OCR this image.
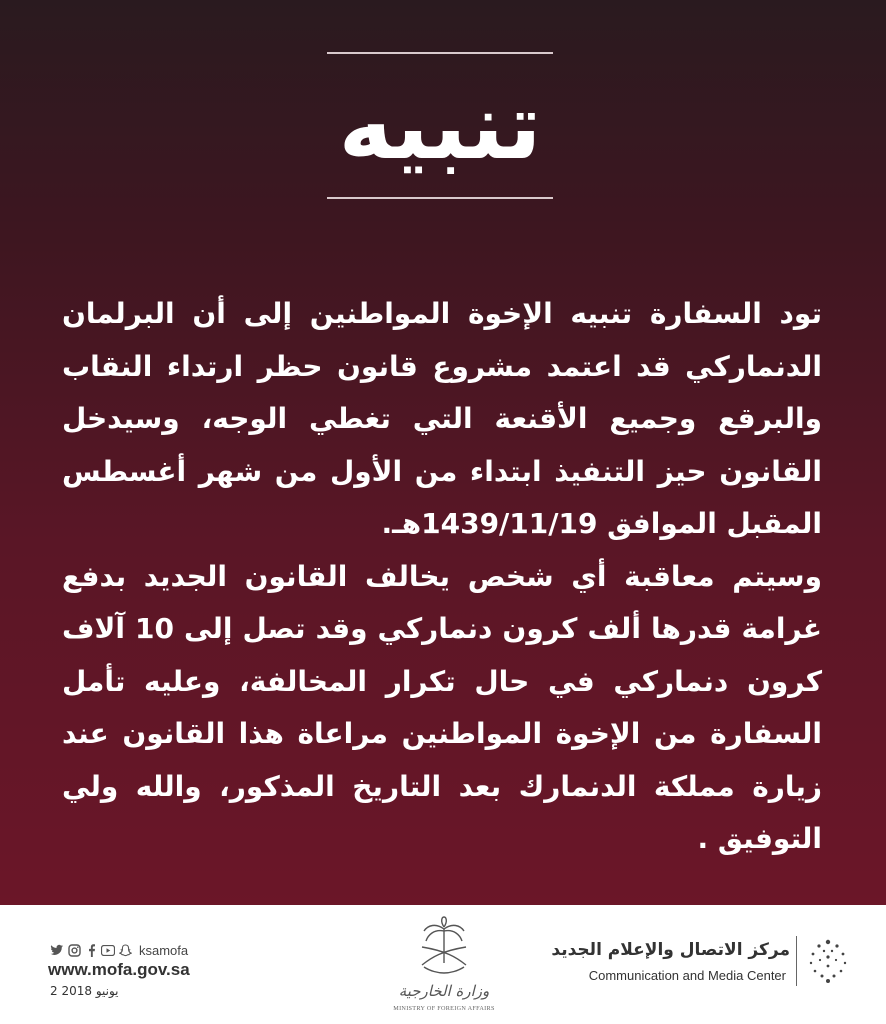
تنبيه

تود السفارة تنبيه الإخوة المواطنين إلى أن البرلمان الدنماركي قد اعتمد مشروع قانون حظر ارتداء النقاب والبرقع وجميع الأقنعة التي تغطي الوجه، وسيدخل القانون حيز التنفيذ ابتداء من الأول من شهر أغسطس المقبل الموافق 1439/11/19هـ.

وسيتم معاقبة أي شخص يخالف القانون الجديد بدفع غرامة قدرها ألف كرون دنماركي وقد تصل إلى 10 آلاف كرون دنماركي في حال تكرار المخالفة، وعليه تأمل السفارة من الإخوة المواطنين مراعاة هذا القانون عند زيارة مملكة الدنمارك بعد التاريخ المذكور، والله ولي التوفيق .

ksamofa
www.mofa.gov.sa
2 يونيو 2018	وزارة الخارجية
MINISTRY OF FOREIGN AFFAIRS
مركز الاتصال والإعلام الجديد
Communication and Media Center
